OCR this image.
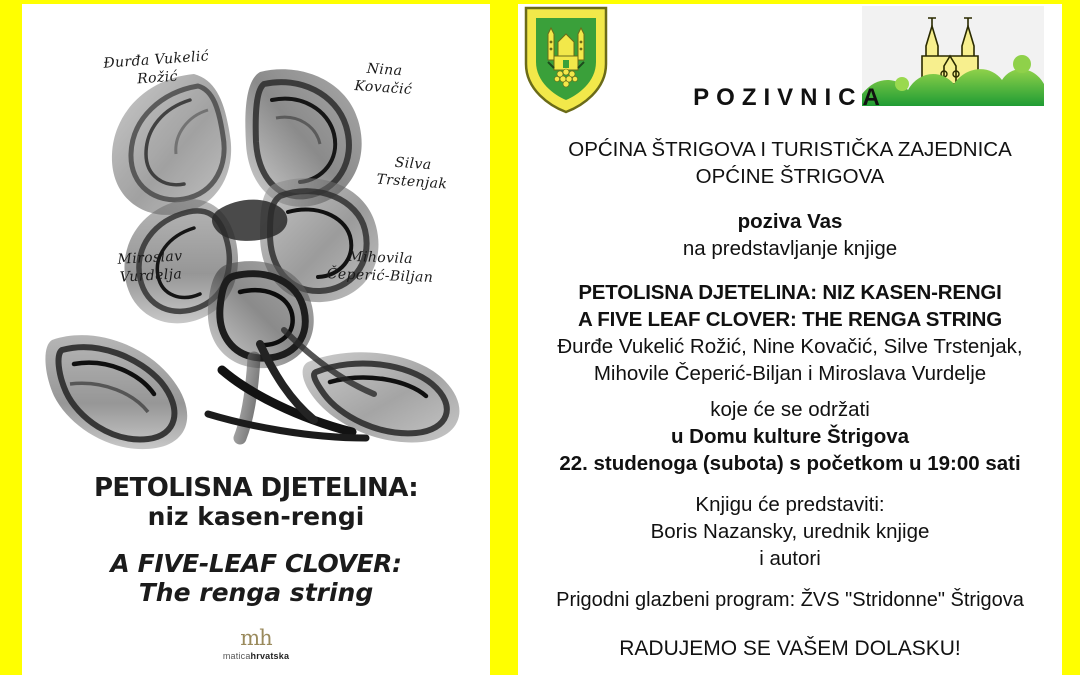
Đurđa Vukelić
Rožić	Nina
Kovačić
Silva
Trstenjak
Miroslav
Vurdelja
Mihovila
Čeperić-Biljan
PETOLISNA DJETELINA:
niz kasen-rengi
A FIVE-LEAF CLOVER:
The renga string
mh
maticahrvatska
POZIVNICA
OPĆINA ŠTRIGOVA I TURISTIČKA ZAJEDNICA
OPĆINE ŠTRIGOVA
poziva Vas
na predstavljanje knjige
PETOLISNA DJETELINA: NIZ KASEN-RENGI
A FIVE LEAF CLOVER: THE RENGA STRING
Đurđe Vukelić Rožić, Nine Kovačić, Silve Trstenjak,
Mihovile Čeperić-Biljan i Miroslava Vurdelje
koje će se održati
u Domu kulture Štrigova
22. studenoga (subota) s početkom u 19:00 sati
Knjigu će predstaviti:
Boris Nazansky, urednik knjige
i autori
Prigodni glazbeni program: ŽVS "Stridonne" Štrigova
RADUJEMO SE VAŠEM DOLASKU!
